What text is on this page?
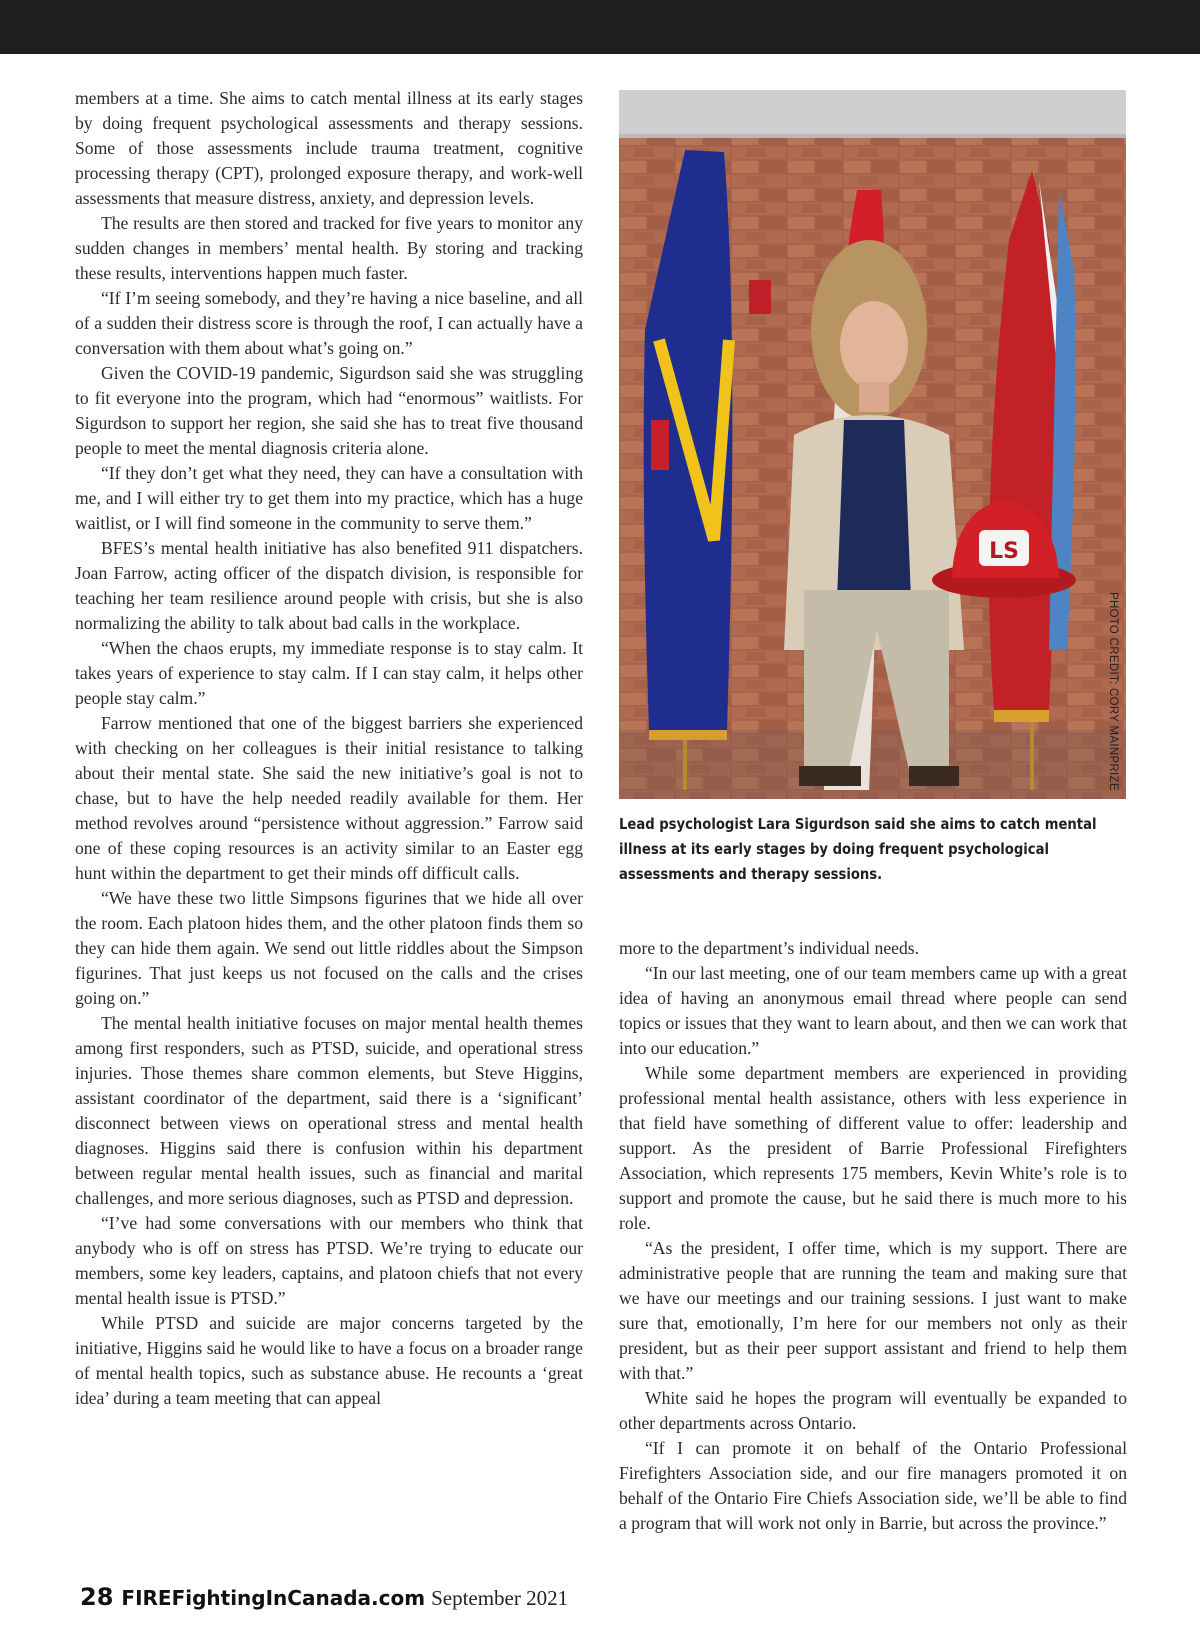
members at a time. She aims to catch mental illness at its early stages by doing frequent psychological assessments and therapy sessions. Some of those assessments include trauma treatment, cognitive processing therapy (CPT), prolonged exposure therapy, and work-well assessments that measure distress, anxiety, and depression levels.

The results are then stored and tracked for five years to monitor any sudden changes in members’ mental health. By storing and tracking these results, interventions happen much faster.

“If I’m seeing somebody, and they’re having a nice baseline, and all of a sudden their distress score is through the roof, I can actually have a conversation with them about what’s going on.”

Given the COVID-19 pandemic, Sigurdson said she was struggling to fit everyone into the program, which had “enormous” waitlists. For Sigurdson to support her region, she said she has to treat five thousand people to meet the mental diagnosis criteria alone.

“If they don’t get what they need, they can have a consultation with me, and I will either try to get them into my practice, which has a huge waitlist, or I will find someone in the community to serve them.”

BFES’s mental health initiative has also benefited 911 dispatchers. Joan Farrow, acting officer of the dispatch division, is responsible for teaching her team resilience around people with crisis, but she is also normalizing the ability to talk about bad calls in the workplace.

“When the chaos erupts, my immediate response is to stay calm. It takes years of experience to stay calm. If I can stay calm, it helps other people stay calm.”

Farrow mentioned that one of the biggest barriers she experienced with checking on her colleagues is their initial resistance to talking about their mental state. She said the new initiative’s goal is not to chase, but to have the help needed readily available for them. Her method revolves around “persistence without aggression.” Farrow said one of these coping resources is an activity similar to an Easter egg hunt within the department to get their minds off difficult calls.

“We have these two little Simpsons figurines that we hide all over the room. Each platoon hides them, and the other platoon finds them so they can hide them again. We send out little riddles about the Simpson figurines. That just keeps us not focused on the calls and the crises going on.”

The mental health initiative focuses on major mental health themes among first responders, such as PTSD, suicide, and operational stress injuries. Those themes share common elements, but Steve Higgins, assistant coordinator of the department, said there is a ‘significant’ disconnect between views on operational stress and mental health diagnoses. Higgins said there is confusion within his department between regular mental health issues, such as financial and marital challenges, and more serious diagnoses, such as PTSD and depression.

“I’ve had some conversations with our members who think that anybody who is off on stress has PTSD. We’re trying to educate our members, some key leaders, captains, and platoon chiefs that not every mental health issue is PTSD.”

While PTSD and suicide are major concerns targeted by the initiative, Higgins said he would like to have a focus on a broader range of mental health topics, such as substance abuse. He recounts a ‘great idea’ during a team meeting that can appeal

LS
PHOTO CREDIT: CORY MAINPRIZE
Lead psychologist Lara Sigurdson said she aims to catch mental illness at its early stages by doing frequent psychological assessments and therapy sessions.

more to the department’s individual needs.

“In our last meeting, one of our team members came up with a great idea of having an anonymous email thread where people can send topics or issues that they want to learn about, and then we can work that into our education.”

While some department members are experienced in providing professional mental health assistance, others with less experience in that field have something of different value to offer: leadership and support. As the president of Barrie Professional Firefighters Association, which represents 175 members, Kevin White’s role is to support and promote the cause, but he said there is much more to his role.

“As the president, I offer time, which is my support. There are administrative people that are running the team and making sure that we have our meetings and our training sessions. I just want to make sure that, emotionally, I’m here for our members not only as their president, but as their peer support assistant and friend to help them with that.”

White said he hopes the program will eventually be expanded to other departments across Ontario.

“If I can promote it on behalf of the Ontario Professional Firefighters Association side, and our fire managers promoted it on behalf of the Ontario Fire Chiefs Association side, we’ll be able to find a program that will work not only in Barrie, but across the province.”

28 FIREFightingInCanada.com September 2021
